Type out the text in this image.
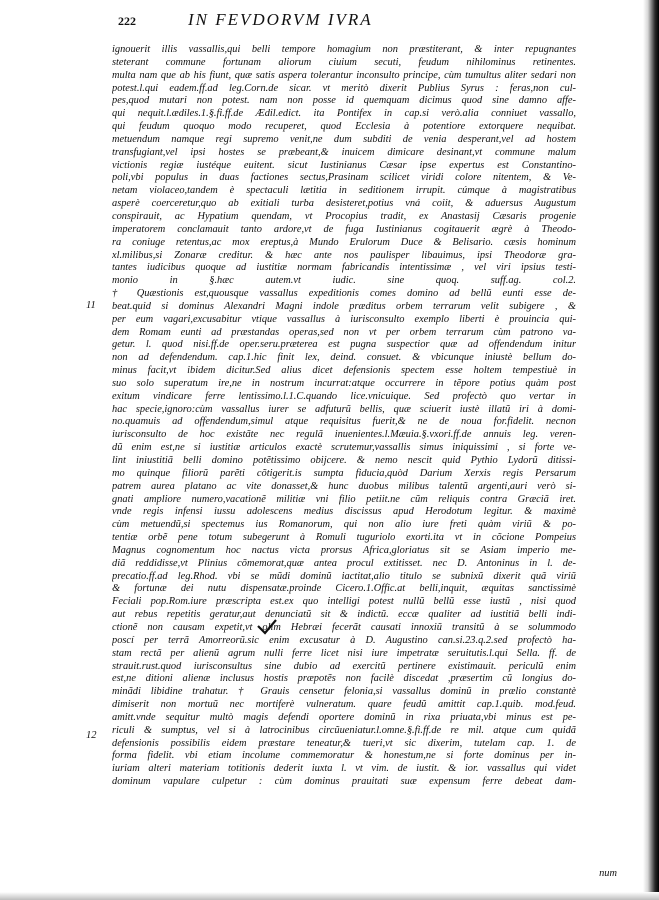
222	IN FEVDORVM IVRA
11
12
ignouerit illis vassallis,qui belli tempore homagium non præstiterant, & inter repugnantes
steterant commune fortunam aliorum ciuium secuti, feudum nihilominus retinentes.
multa nam que ab his fiunt, quæ satis aspera tolerantur inconsulto principe, cùm tumultus aliter sedari non
potest.l.qui eadem.ff.ad leg.Corn.de sicar. vt meritò dixerit Publius Syrus : feras,non cul-
pes,quod mutari non potest. nam non posse id quemquam dicimus quod sine damno affe-
qui nequit.l.ædiles.1.§.fi.ff.de Ædil.edict. ita Pontifex in cap.si verò.alia conniuet vassallo,
qui feudum quoquo modo recuperet, quod Ecclesia à potentiore extorquere nequibat.
metuendum namque regi supremo venit,ne dum subditi de venia desperant,vel ad hostem
transfugiant,vel ipsi hostes se præbeant,& inuicem dimicare desinant,vt commune malum
victionis regiæ iustéque euitent. sicut Iustinianus Cæsar ipse expertus est Constantino-
poli,vbi populus in duas factiones sectus,Prasinam scilicet viridi colore nitentem, & Ve-
netam violaceo,tandem è spectaculi lætitia in seditionem irrupit. cúmque à magistratibus
asperè coerceretur,quo ab exitiali turba desisteret,potius vná coiit, & aduersus Augustum
conspirauit, ac Hypatium quendam, vt Procopius tradit, ex Anastasij Cæsaris progenie
imperatorem conclamauit tanto ardore,vt de fuga Iustinianus cogitauerit ægrè à Theodo-
ra coniuge retentus,ac mox ereptus,à Mundo Erulorum Duce & Belisario. cæsis hominum
xl.milibus,si Zonaræ creditur. & hæc ante nos paulisper libauimus, ipsi Theodoræ gra-
tantes iudicibus quoque ad iustitiæ normam fabricandis intentissimæ , vel viri ipsius testi-
monio in §.hæc autem.vt iudic. sine quoq. suff.ag. col.2.
† Quæstionis est,quousque vassallus expeditionis comes domino ad bellũ eunti esse de-
beat.quid si dominus Alexandri Magni indole præditus orbem terrarum velit subigere , &
per eum vagari,excusabitur vtique vassallus à iurisconsulto exemplo liberti è prouincia qui-
dem Romam eunti ad præstandas operas,sed non vt per orbem terrarum cùm patrono va-
getur. l. quod nisi.ff.de oper.seru.præterea est pugna suspectior quæ ad offendendum initur
non ad defendendum. cap.1.hic finit lex, deind. consuet. & vbicunque iniustè bellum do-
minus facit,vt ibidem dicitur.Sed alius dicet defensionis spectem esse holtem tempestiuè in
suo solo superatum ire,ne in nostrum incurrat:atque occurrere in tẽpore potius quàm post
exitum vindicare ferre lentissimo.l.1.C.quando lice.vnicuique. Sed profectò quo vertar in
hac specie,ignoro:cùm vassallus iurer se adfuturũ bellis, quæ sciuerit iustè illatũ iri à domi-
no.quamuis ad offendendum,simul atque requisitus fuerit,& ne de noua for.fidelit. necnon
iurisconsulto de hoc existãte nec regulã inuenientes.l.Mæuia.§.vxori.ff.de annuis leg. veren-
dũ enim est,ne si iustitiæ articulos exactè scrutemur,vassallis simus iniquissimi , si forte ve-
lint iniustitiã belli domino potẽtissimo obijcere. & nemo nescit quid Pythio Lydorũ ditissi-
mo quinque filiorũ parẽti cõtigerit.is sumpta fiducia,quòd Darium Xerxis regis Persarum
patrem aurea platano ac vite donasset,& hunc duobus milibus talentũ argenti,auri verò si-
gnati ampliore numero,vacationẽ militiæ vni filio petiit.ne cũm reliquis contra Græciã iret.
vnde regis infensi iussu adolescens medius discissus apud Herodotum legitur. & maximè
cùm metuendũ,si spectemus ius Romanorum, qui non alio iure freti quàm viriũ & po-
tentiæ orbẽ pene totum subegerunt à Romuli tuguriolo exorti.ita vt in cõcione Pompeius
Magnus cognomentum hoc nactus victa prorsus Africa,gloriatus sit se Asiam imperio me-
diã reddidisse,vt Plinius cõmemorat,quæ antea procul extitisset. nec D. Antoninus in l. de-
precatio.ff.ad leg.Rhod. vbi se mũdi dominũ iactitat,alio titulo se subnixũ dixerit quã viriũ
& fortunæ dei nutu dispensatæ.proinde Cicero.1.Offic.at belli,inquit, æquitas sanctissimè
Feciali pop.Rom.iure præscripta est.ex quo intelligi potest nullũ bellũ esse iustũ , nisi quod
aut rebus repetitis geratur,aut denunciatũ sit & indictũ. eccæ qualiter ad iustitiã belli indi-
ctionẽ non causam expetit,vt olim Hebræi fecerãt causati innoxiũ transitũ à se solummodo
poscí per terrã Amorreorũ.sic enim excusatur à D. Augustino can.si.23.q.2.sed profectò ha-
stam rectã per alienũ agrum nulli ferre licet nisi iure impetratæ seruitutis.l.qui Sella. ff. de
strauit.rust.quod iurisconsultus sine dubio ad exercitũ pertinere existimauit. periculũ enim
est,ne ditioni alienæ inclusus hostis præpotẽs non facilè discedat ,præsertim cũ longius do-
minãdi libidine trahatur. † Grauis censetur felonia,si vassallus dominũ in prælio constantè
dimiserit non mortuũ nec mortiferè vulneratum. quare feudũ amittit cap.1.quib. mod.feud.
amitt.vnde sequitur multò magis defendi oportere dominũ in rixa priuata,vbi minus est pe-
riculi & sumptus, vel si à latrocinibus circũueniatur.l.omne.§.fi.ff.de re mil. atque cum quidã
defensionis possibilis eidem præstare teneatur,& tueri,vt sic dixerim, tutelam cap. 1. de
forma fidelit. vbi etiam incolume commemoratur & honestum,ne si forte dominus per in-
iuriam alteri materiam totitionis dederit iuxta l. vt vim. de iustit. & ior. vassallus qui videt
dominum vapulare culpetur : cùm dominus prauitati suæ expensum ferre debeat dam-
num
